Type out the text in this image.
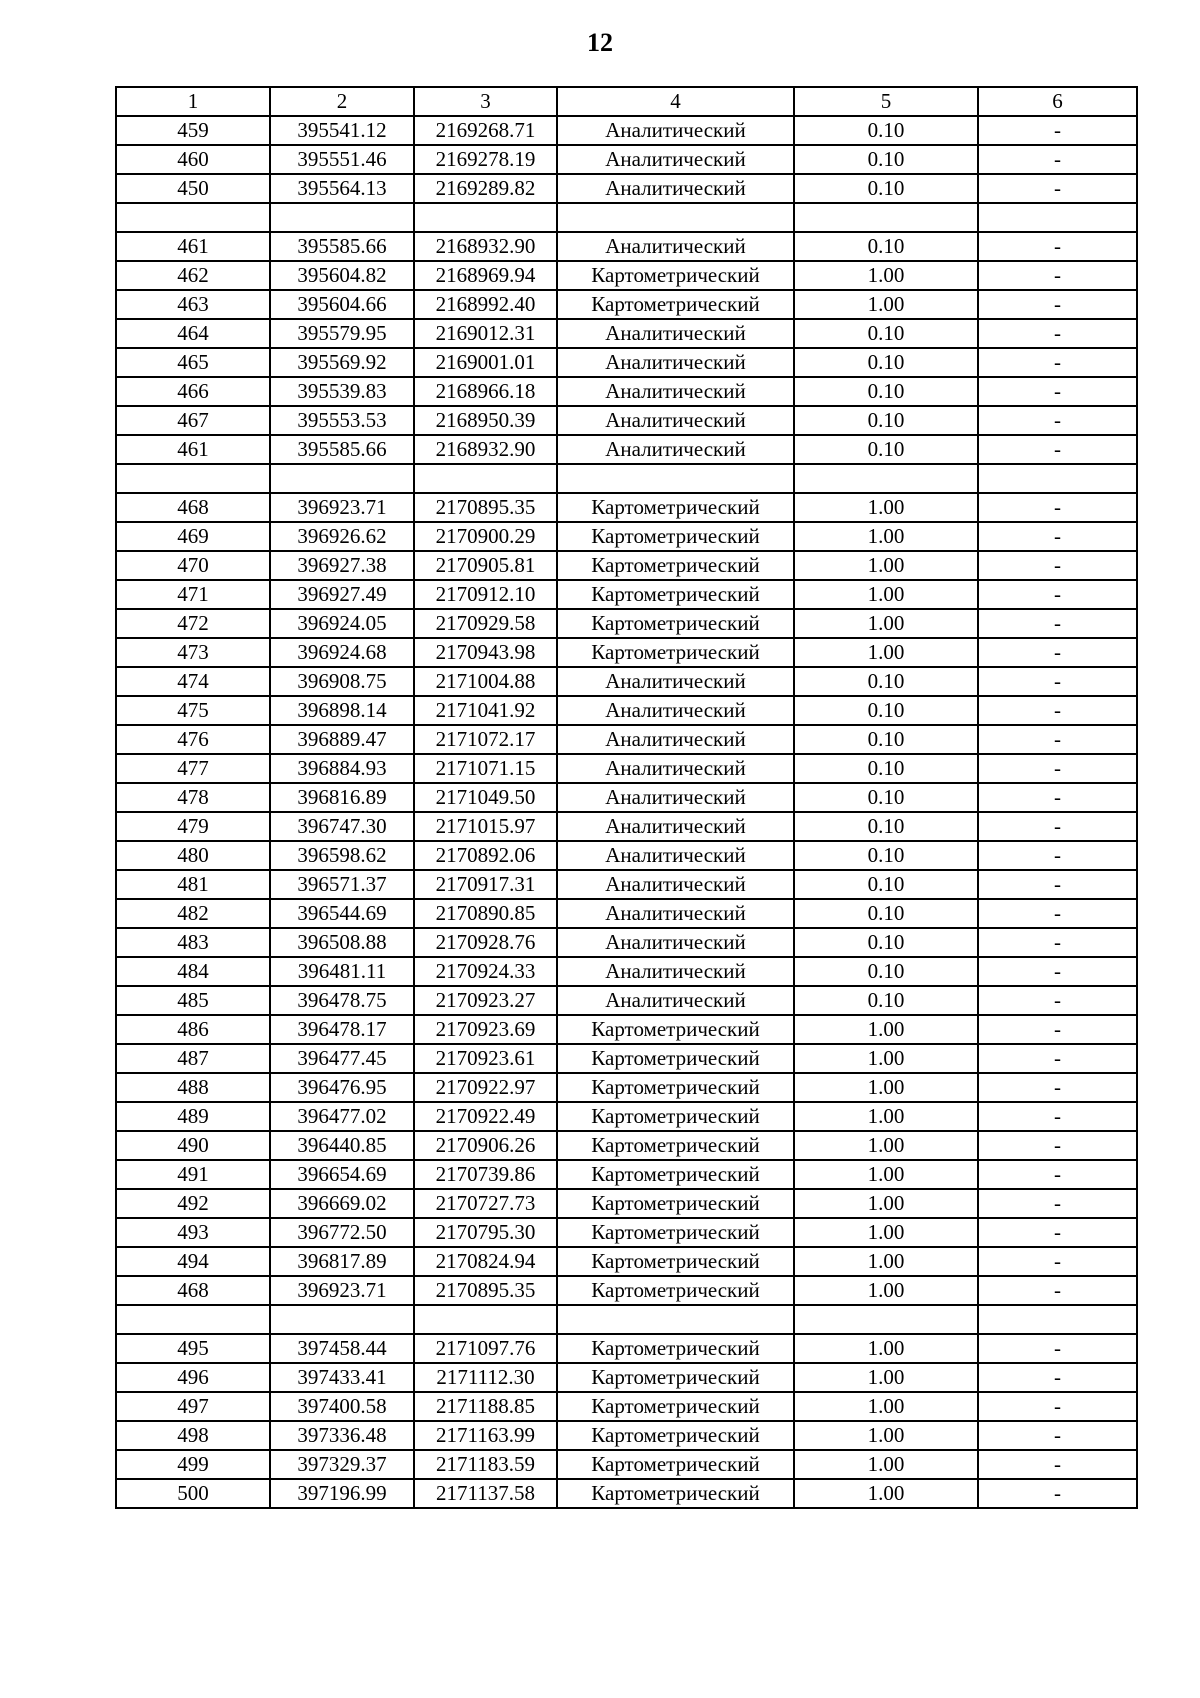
12
1	2	3	4	5	6
459	395541.12	2169268.71	Аналитический	0.10	-
460	395551.46	2169278.19	Аналитический	0.10	-
450	395564.13	2169289.82	Аналитический	0.10	-

461	395585.66	2168932.90	Аналитический	0.10	-
462	395604.82	2168969.94	Картометрический	1.00	-
463	395604.66	2168992.40	Картометрический	1.00	-
464	395579.95	2169012.31	Аналитический	0.10	-
465	395569.92	2169001.01	Аналитический	0.10	-
466	395539.83	2168966.18	Аналитический	0.10	-
467	395553.53	2168950.39	Аналитический	0.10	-
461	395585.66	2168932.90	Аналитический	0.10	-

468	396923.71	2170895.35	Картометрический	1.00	-
469	396926.62	2170900.29	Картометрический	1.00	-
470	396927.38	2170905.81	Картометрический	1.00	-
471	396927.49	2170912.10	Картометрический	1.00	-
472	396924.05	2170929.58	Картометрический	1.00	-
473	396924.68	2170943.98	Картометрический	1.00	-
474	396908.75	2171004.88	Аналитический	0.10	-
475	396898.14	2171041.92	Аналитический	0.10	-
476	396889.47	2171072.17	Аналитический	0.10	-
477	396884.93	2171071.15	Аналитический	0.10	-
478	396816.89	2171049.50	Аналитический	0.10	-
479	396747.30	2171015.97	Аналитический	0.10	-
480	396598.62	2170892.06	Аналитический	0.10	-
481	396571.37	2170917.31	Аналитический	0.10	-
482	396544.69	2170890.85	Аналитический	0.10	-
483	396508.88	2170928.76	Аналитический	0.10	-
484	396481.11	2170924.33	Аналитический	0.10	-
485	396478.75	2170923.27	Аналитический	0.10	-
486	396478.17	2170923.69	Картометрический	1.00	-
487	396477.45	2170923.61	Картометрический	1.00	-
488	396476.95	2170922.97	Картометрический	1.00	-
489	396477.02	2170922.49	Картометрический	1.00	-
490	396440.85	2170906.26	Картометрический	1.00	-
491	396654.69	2170739.86	Картометрический	1.00	-
492	396669.02	2170727.73	Картометрический	1.00	-
493	396772.50	2170795.30	Картометрический	1.00	-
494	396817.89	2170824.94	Картометрический	1.00	-
468	396923.71	2170895.35	Картометрический	1.00	-

495	397458.44	2171097.76	Картометрический	1.00	-
496	397433.41	2171112.30	Картометрический	1.00	-
497	397400.58	2171188.85	Картометрический	1.00	-
498	397336.48	2171163.99	Картометрический	1.00	-
499	397329.37	2171183.59	Картометрический	1.00	-
500	397196.99	2171137.58	Картометрический	1.00	-
